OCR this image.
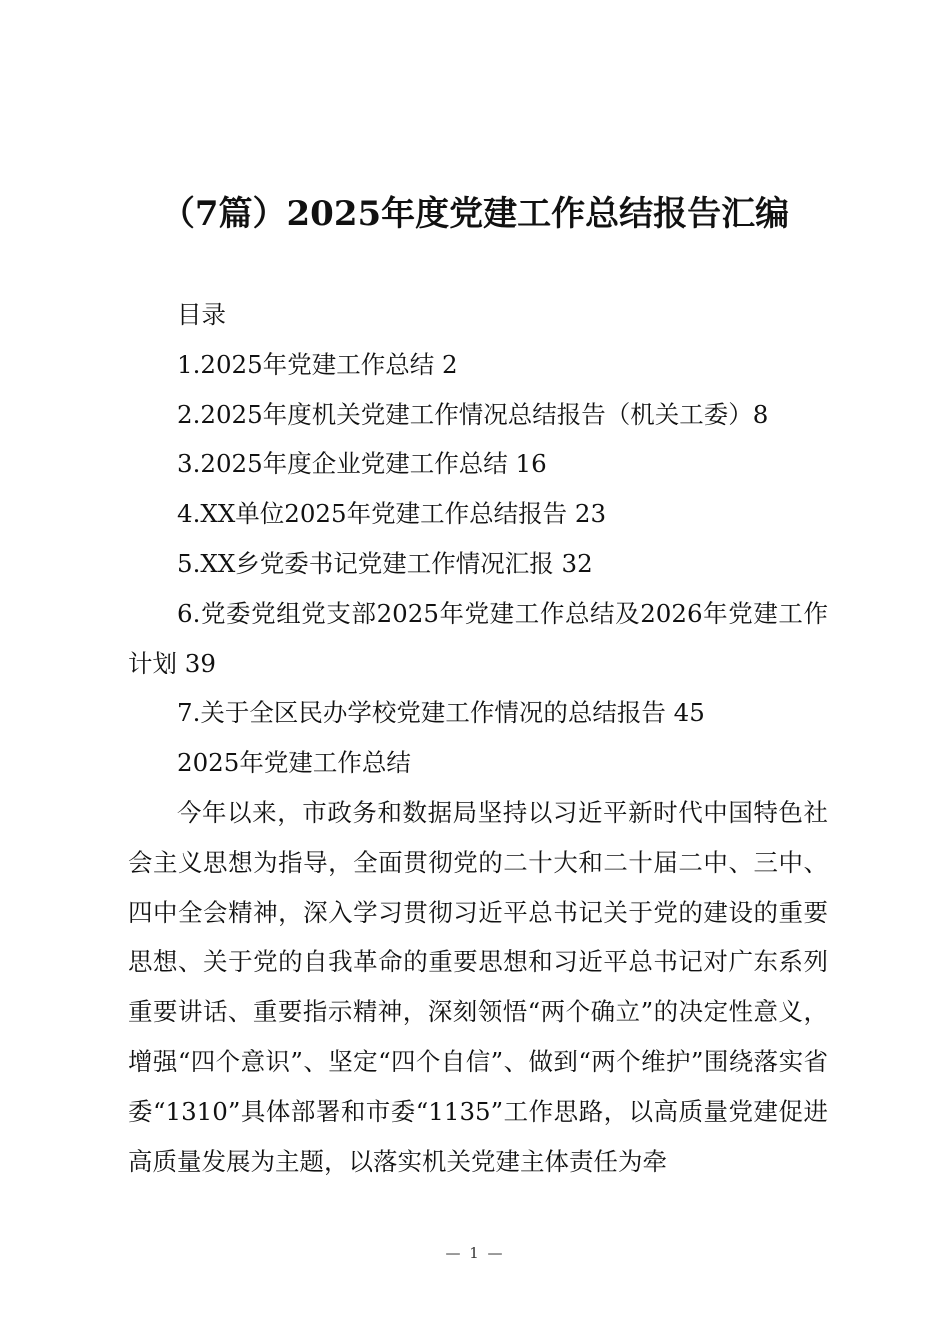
（7篇）2025年度党建工作总结报告汇编

目录

1.2025年党建工作总结 2

2.2025年度机关党建工作情况总结报告（机关工委）8

3.2025年度企业党建工作总结 16

4.XX单位2025年党建工作总结报告 23

5.XX乡党委书记党建工作情况汇报 32

6.党委党组党支部2025年党建工作总结及2026年党建工作计划 39

7.关于全区民办学校党建工作情况的总结报告 45

2025年党建工作总结

今年以来，市政务和数据局坚持以习近平新时代中国特色社会主义思想为指导，全面贯彻党的二十大和二十届二中、三中、四中全会精神，深入学习贯彻习近平总书记关于党的建设的重要思想、关于党的自我革命的重要思想和习近平总书记对广东系列重要讲话、重要指示精神，深刻领悟“两个确立”的决定性意义，增强“四个意识”、坚定“四个自信”、做到“两个维护”围绕落实省委“1310”具体部署和市委“1135”工作思路，以高质量党建促进高质量发展为主题，以落实机关党建主体责任为牵

— 1 —
